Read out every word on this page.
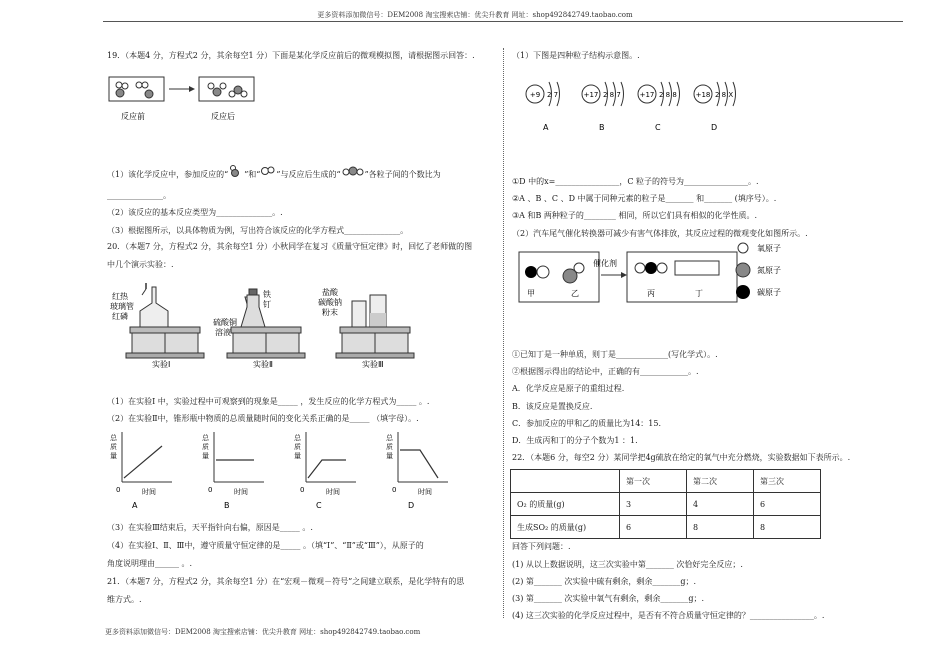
更多资料添加微信号：DEM2008 淘宝搜索店铺：优尖升教育 网址：shop492842749.taobao.com
19．（本题4 分，方程式2 分，其余每空1 分）下面是某化学反应前后的微观模拟图，请根据图示回答：.
反应前	反应后
（1）该化学反应中，参加反应的“ ”和“ ”与反应后生成的“	”各粒子间的个数比为
______________。
（2）该反应的基本反应类型为______________。.
（3）根据图所示，以具体物质为例，写出符合该反应的化学方程式______________。
20．（本题7 分，方程式2 分，其余每空1 分）小秋同学在复习《质量守恒定律》时，回忆了老师做的图
中几个演示实验：.
红热
玻璃管
红磷
实验Ⅰ
铁
钉
硫酸铜
溶液
实验Ⅱ
盐酸
碳酸钠
粉末
实验Ⅲ
（1）在实验Ⅰ 中，实验过程中可观察到的现象是_____ ，发生反应的化学方程式为_____ 。.
（2）在实验Ⅱ中，锥形瓶中物质的总质量随时间的变化关系正确的是_____ （填字母）。.
总
质
量
0	时间
A
总
质
量
0	时间
B
总
质
量
0	时间
C
总
质
量
0	时间
D
（3）在实验Ⅲ结束后，天平指针向右偏，原因是_____ 。.
（4）在实验Ⅰ、Ⅱ、Ⅲ中，遵守质量守恒定律的是_____ 。（填“Ⅰ”、“Ⅱ”或“Ⅲ”），从原子的
角度说明理由______ 。.
21．（本题7 分，方程式2 分，其余每空1 分）在“宏观－微观－符号”之间建立联系，是化学特有的思
维方式。.
（1）下图是四种粒子结构示意图。.
+9 2 7
A
+17 2 8 7
B
+17 2 8 8
C
+18 2 8 X
D
①D 中的x=________________，C 粒子的符号为________________。.
②A 、B 、C 、D 中属于同种元素的粒子是_______ 和_______ (填序号）。.
③A 和B 两种粒子的________ 相同，所以它们具有相似的化学性质。.
（2）汽车尾气催化转换器可减少有害气体排放，其反应过程的微观变化如图所示。.
甲	乙
催化剂
丙	丁
氧原子
氮原子
碳原子
①已知丁是一种单质，则丁是_____________(写化学式）。.
②根据图示得出的结论中，正确的有____________。.
A．化学反应是原子的重组过程.
B．该反应是置换反应.
C．参加反应的甲和乙的质量比为14：15.
D．生成丙和丁的分子个数为1 ：1.
22．（本题6 分，每空2 分）某同学把4g硫放在给定的氧气中充分燃烧，实验数据如下表所示。.
	第一次	第二次	第三次
O₂ 的质量(g)	3	4	6
生成SO₂ 的质量(g)	6	8	8
回答下列问题：.
(1) 从以上数据说明，这三次实验中第_______ 次恰好完全反应；.
(2) 第_______ 次实验中硫有剩余，剩余_______g；.
(3) 第_______ 次实验中氧气有剩余，剩余_______g；.
(4) 这三次实验的化学反应过程中，是否有不符合质量守恒定律的？________________。.
更多资料添加微信号：DEM2008 淘宝搜索店铺：优尖升教育 网址：shop492842749.taobao.com
